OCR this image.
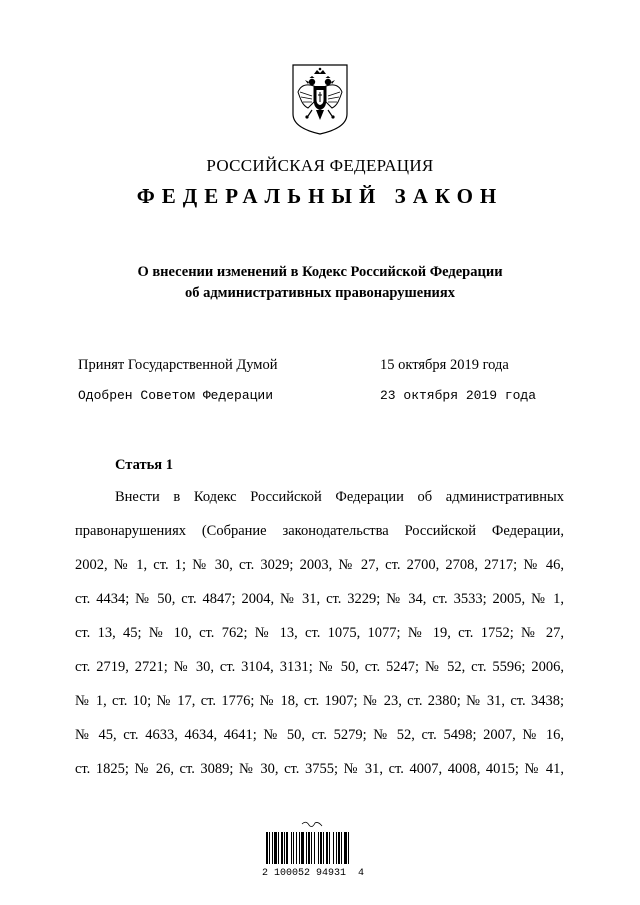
РОССИЙСКАЯ ФЕДЕРАЦИЯ
ФЕДЕРАЛЬНЫЙ ЗАКОН
О внесении изменений в Кодекс Российской Федерации
об административных правонарушениях
Принят Государственной Думой	15 октября 2019 года
Одобрен Советом Федерации	23 октября 2019 года
Статья 1
Внести в Кодекс Российской Федерации об административных
правонарушениях (Собрание законодательства Российской Федерации,
2002, № 1, ст. 1; № 30, ст. 3029; 2003, № 27, ст. 2700, 2708, 2717; № 46,
ст. 4434; № 50, ст. 4847; 2004, № 31, ст. 3229; № 34, ст. 3533; 2005, № 1,
ст. 13, 45; № 10, ст. 762; № 13, ст. 1075, 1077; № 19, ст. 1752; № 27,
ст. 2719, 2721; № 30, ст. 3104, 3131; № 50, ст. 5247; № 52, ст. 5596; 2006,
№ 1, ст. 10; № 17, ст. 1776; № 18, ст. 1907; № 23, ст. 2380; № 31, ст. 3438;
№ 45, ст. 4633, 4634, 4641; № 50, ст. 5279; № 52, ст. 5498; 2007, № 16,
ст. 1825; № 26, ст. 3089; № 30, ст. 3755; № 31, ст. 4007, 4008, 4015; № 41,
2 100052 94931  4
